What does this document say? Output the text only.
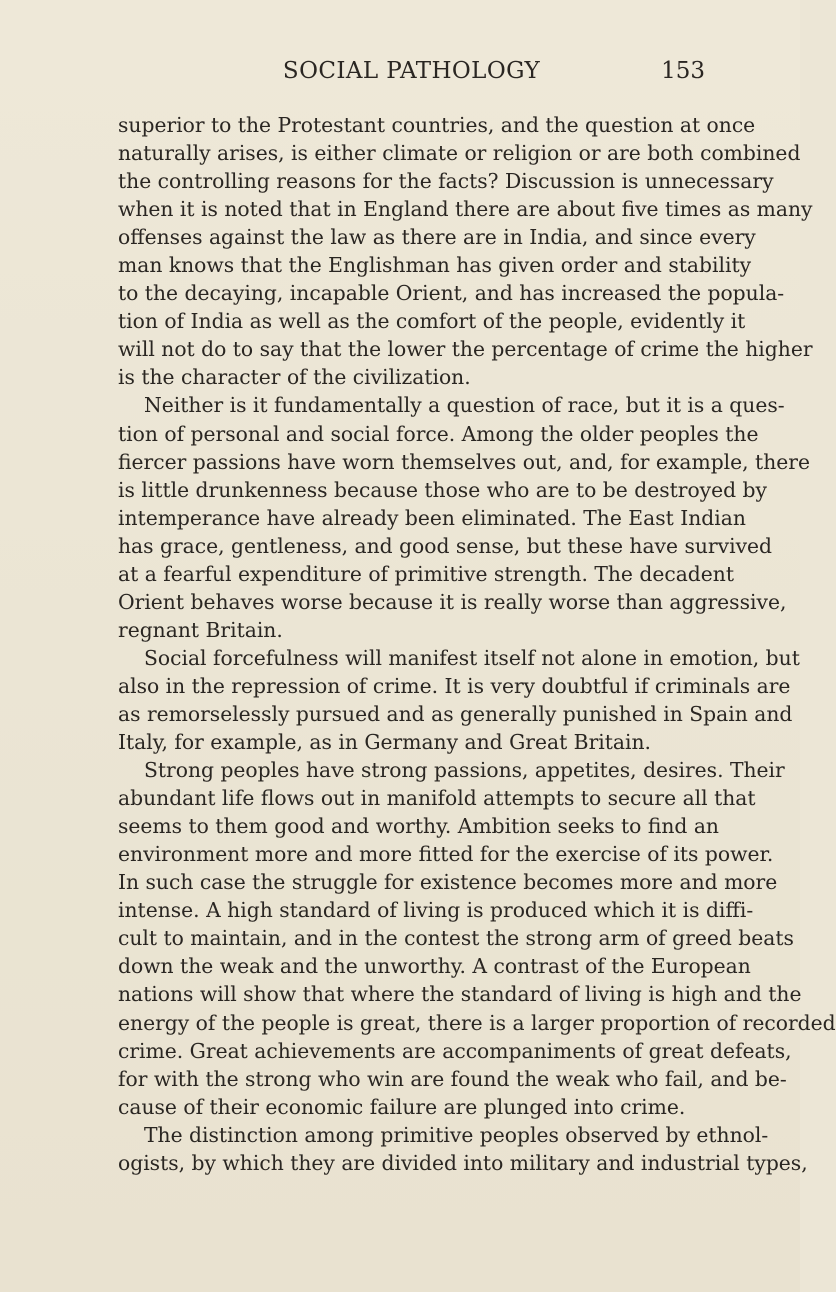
SOCIAL PATHOLOGY	153
superior to the Protestant countries, and the question at once
naturally arises, is either climate or religion or are both combined
the controlling reasons for the facts? Discussion is unnecessary
when it is noted that in England there are about five times as many
offenses against the law as there are in India, and since every
man knows that the Englishman has given order and stability
to the decaying, incapable Orient, and has increased the popula-
tion of India as well as the comfort of the people, evidently it
will not do to say that the lower the percentage of crime the higher
is the character of the civilization.
Neither is it fundamentally a question of race, but it is a ques-
tion of personal and social force. Among the older peoples the
fiercer passions have worn themselves out, and, for example, there
is little drunkenness because those who are to be destroyed by
intemperance have already been eliminated. The East Indian
has grace, gentleness, and good sense, but these have survived
at a fearful expenditure of primitive strength. The decadent
Orient behaves worse because it is really worse than aggressive,
regnant Britain.
Social forcefulness will manifest itself not alone in emotion, but
also in the repression of crime. It is very doubtful if criminals are
as remorselessly pursued and as generally punished in Spain and
Italy, for example, as in Germany and Great Britain.
Strong peoples have strong passions, appetites, desires. Their
abundant life flows out in manifold attempts to secure all that
seems to them good and worthy. Ambition seeks to find an
environment more and more fitted for the exercise of its power.
In such case the struggle for existence becomes more and more
intense. A high standard of living is produced which it is diffi-
cult to maintain, and in the contest the strong arm of greed beats
down the weak and the unworthy. A contrast of the European
nations will show that where the standard of living is high and the
energy of the people is great, there is a larger proportion of recorded
crime. Great achievements are accompaniments of great defeats,
for with the strong who win are found the weak who fail, and be-
cause of their economic failure are plunged into crime.
The distinction among primitive peoples observed by ethnol-
ogists, by which they are divided into military and industrial types,
